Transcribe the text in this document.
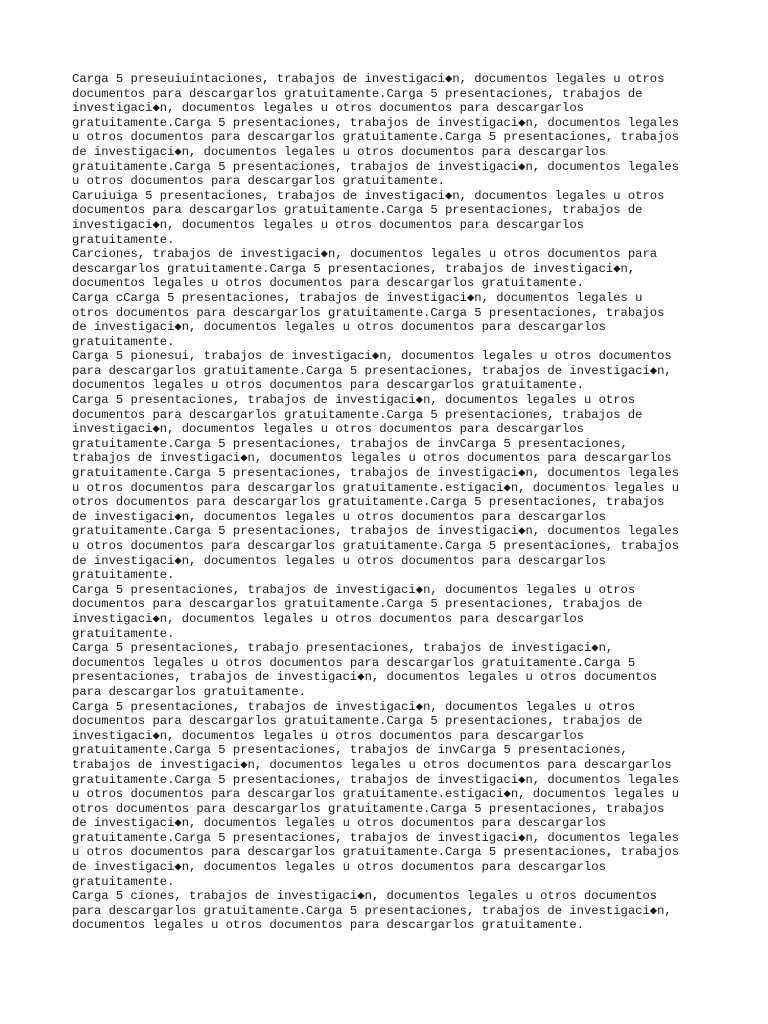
Carga 5 preseuiuintaciones, trabajos de investigaci◆n, documentos legales u otros
documentos para descargarlos gratuitamente.Carga 5 presentaciones, trabajos de
investigaci◆n, documentos legales u otros documentos para descargarlos
gratuitamente.Carga 5 presentaciones, trabajos de investigaci◆n, documentos legales
u otros documentos para descargarlos gratuitamente.Carga 5 presentaciones, trabajos
de investigaci◆n, documentos legales u otros documentos para descargarlos
gratuitamente.Carga 5 presentaciones, trabajos de investigaci◆n, documentos legales
u otros documentos para descargarlos gratuitamente.

Caruiuiga 5 presentaciones, trabajos de investigaci◆n, documentos legales u otros
documentos para descargarlos gratuitamente.Carga 5 presentaciones, trabajos de
investigaci◆n, documentos legales u otros documentos para descargarlos
gratuitamente.

Carciones, trabajos de investigaci◆n, documentos legales u otros documentos para
descargarlos gratuitamente.Carga 5 presentaciones, trabajos de investigaci◆n,
documentos legales u otros documentos para descargarlos gratuitamente.

Carga cCarga 5 presentaciones, trabajos de investigaci◆n, documentos legales u
otros documentos para descargarlos gratuitamente.Carga 5 presentaciones, trabajos
de investigaci◆n, documentos legales u otros documentos para descargarlos
gratuitamente.

Carga 5 pionesui, trabajos de investigaci◆n, documentos legales u otros documentos
para descargarlos gratuitamente.Carga 5 presentaciones, trabajos de investigaci◆n,
documentos legales u otros documentos para descargarlos gratuitamente.

Carga 5 presentaciones, trabajos de investigaci◆n, documentos legales u otros
documentos para descargarlos gratuitamente.Carga 5 presentaciones, trabajos de
investigaci◆n, documentos legales u otros documentos para descargarlos
gratuitamente.Carga 5 presentaciones, trabajos de invCarga 5 presentaciones,
trabajos de investigaci◆n, documentos legales u otros documentos para descargarlos
gratuitamente.Carga 5 presentaciones, trabajos de investigaci◆n, documentos legales
u otros documentos para descargarlos gratuitamente.estigaci◆n, documentos legales u
otros documentos para descargarlos gratuitamente.Carga 5 presentaciones, trabajos
de investigaci◆n, documentos legales u otros documentos para descargarlos
gratuitamente.Carga 5 presentaciones, trabajos de investigaci◆n, documentos legales
u otros documentos para descargarlos gratuitamente.Carga 5 presentaciones, trabajos
de investigaci◆n, documentos legales u otros documentos para descargarlos
gratuitamente.

Carga 5 presentaciones, trabajos de investigaci◆n, documentos legales u otros
documentos para descargarlos gratuitamente.Carga 5 presentaciones, trabajos de
investigaci◆n, documentos legales u otros documentos para descargarlos
gratuitamente.

Carga 5 presentaciones, trabajo presentaciones, trabajos de investigaci◆n,
documentos legales u otros documentos para descargarlos gratuitamente.Carga 5
presentaciones, trabajos de investigaci◆n, documentos legales u otros documentos
para descargarlos gratuitamente.

Carga 5 presentaciones, trabajos de investigaci◆n, documentos legales u otros
documentos para descargarlos gratuitamente.Carga 5 presentaciones, trabajos de
investigaci◆n, documentos legales u otros documentos para descargarlos
gratuitamente.Carga 5 presentaciones, trabajos de invCarga 5 presentaciones,
trabajos de investigaci◆n, documentos legales u otros documentos para descargarlos
gratuitamente.Carga 5 presentaciones, trabajos de investigaci◆n, documentos legales
u otros documentos para descargarlos gratuitamente.estigaci◆n, documentos legales u
otros documentos para descargarlos gratuitamente.Carga 5 presentaciones, trabajos
de investigaci◆n, documentos legales u otros documentos para descargarlos
gratuitamente.Carga 5 presentaciones, trabajos de investigaci◆n, documentos legales
u otros documentos para descargarlos gratuitamente.Carga 5 presentaciones, trabajos
de investigaci◆n, documentos legales u otros documentos para descargarlos
gratuitamente.

Carga 5 ciones, trabajos de investigaci◆n, documentos legales u otros documentos
para descargarlos gratuitamente.Carga 5 presentaciones, trabajos de investigaci◆n,
documentos legales u otros documentos para descargarlos gratuitamente.
